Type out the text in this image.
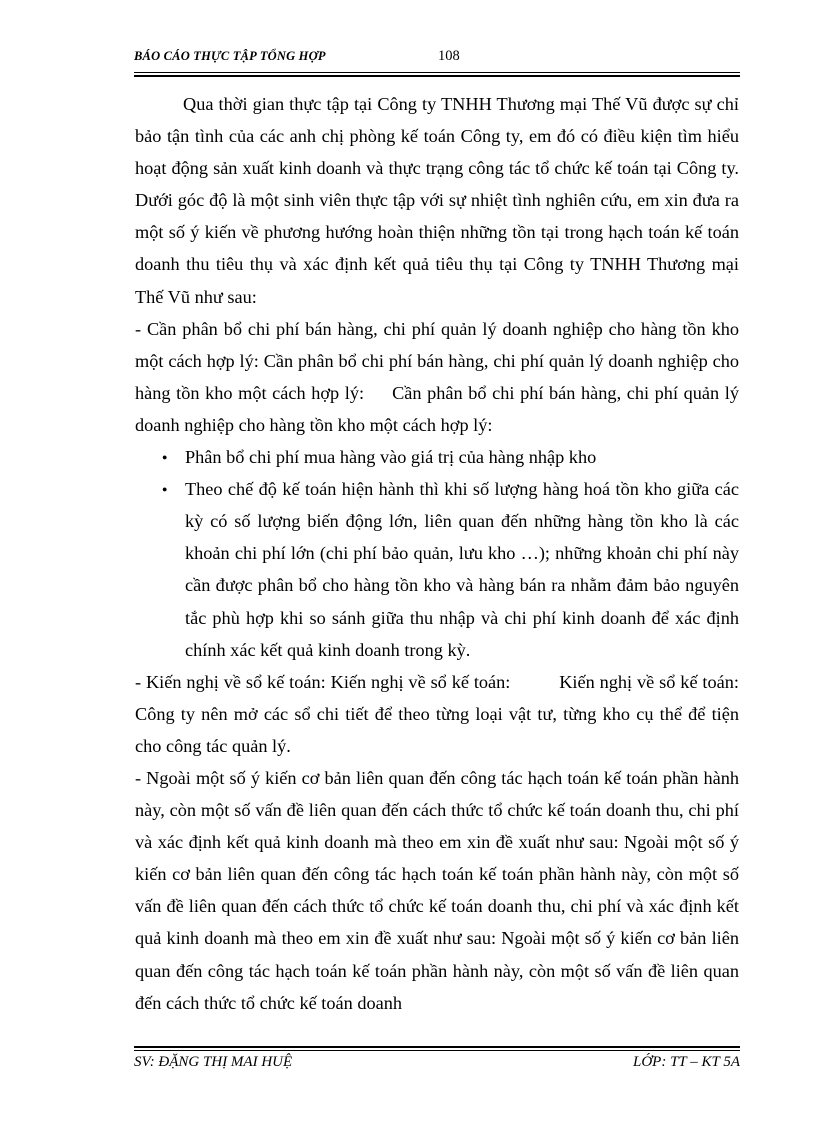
BÁO CÁO THỰC TẬP TỔNG HỢP	108

Qua thời gian thực tập tại Công ty TNHH Thương mại Thế Vũ được sự chỉ bảo tận tình của các anh chị phòng kế toán Công ty, em đó có điều kiện tìm hiểu hoạt động sản xuất kinh doanh và thực trạng công tác tổ chức kế toán tại Công ty. Dưới góc độ là một sinh viên thực tập với sự nhiệt tình nghiên cứu, em xin đưa ra một số ý kiến về phương hướng hoàn thiện những tồn tại trong hạch toán kế toán doanh thu tiêu thụ và xác định kết quả tiêu thụ tại Công ty TNHH Thương mại Thế Vũ như sau:

- Cần phân bổ chi phí bán hàng, chi phí quản lý doanh nghiệp cho hàng tồn kho một cách hợp lý: Cần phân bổ chi phí bán hàng, chi phí quản lý doanh nghiệp cho hàng tồn kho một cách hợp lý:     Cần phân bổ chi phí bán hàng, chi phí quản lý doanh nghiệp cho hàng tồn kho một cách hợp lý:

● Phân bổ chi phí mua hàng vào giá trị của hàng nhập kho
● Theo chế độ kế toán hiện hành thì khi số lượng hàng hoá tồn kho giữa các kỳ có số lượng biến động lớn, liên quan đến những hàng tồn kho là các khoản chi phí lớn (chi phí bảo quản, lưu kho …); những khoản chi phí này cần được phân bổ cho hàng tồn kho và hàng bán ra nhằm đảm bảo nguyên tắc phù hợp khi so sánh giữa thu nhập và chi phí kinh doanh để xác định chính xác kết quả kinh doanh trong kỳ.

- Kiến nghị về sổ kế toán: Kiến nghị về sổ kế toán:          Kiến nghị về sổ kế toán: Công ty nên mở các sổ chi tiết để theo từng loại vật tư, từng kho cụ thể để tiện cho công tác quản lý.

- Ngoài một số ý kiến cơ bản liên quan đến công tác hạch toán kế toán phần hành này, còn một số vấn đề liên quan đến cách thức tổ chức kế toán doanh thu, chi phí và xác định kết quả kinh doanh mà theo em xin đề xuất như sau: Ngoài một số ý kiến cơ bản liên quan đến công tác hạch toán kế toán phần hành này, còn một số vấn đề liên quan đến cách thức tổ chức kế toán doanh thu, chi phí và xác định kết quả kinh doanh mà theo em xin đề xuất như sau: Ngoài một số ý kiến cơ bản liên quan đến công tác hạch toán kế toán phần hành này, còn một số vấn đề liên quan đến cách thức tổ chức kế toán doanh

SV: ĐẶNG THỊ MAI HUỆ	LỚP: TT – KT 5A
